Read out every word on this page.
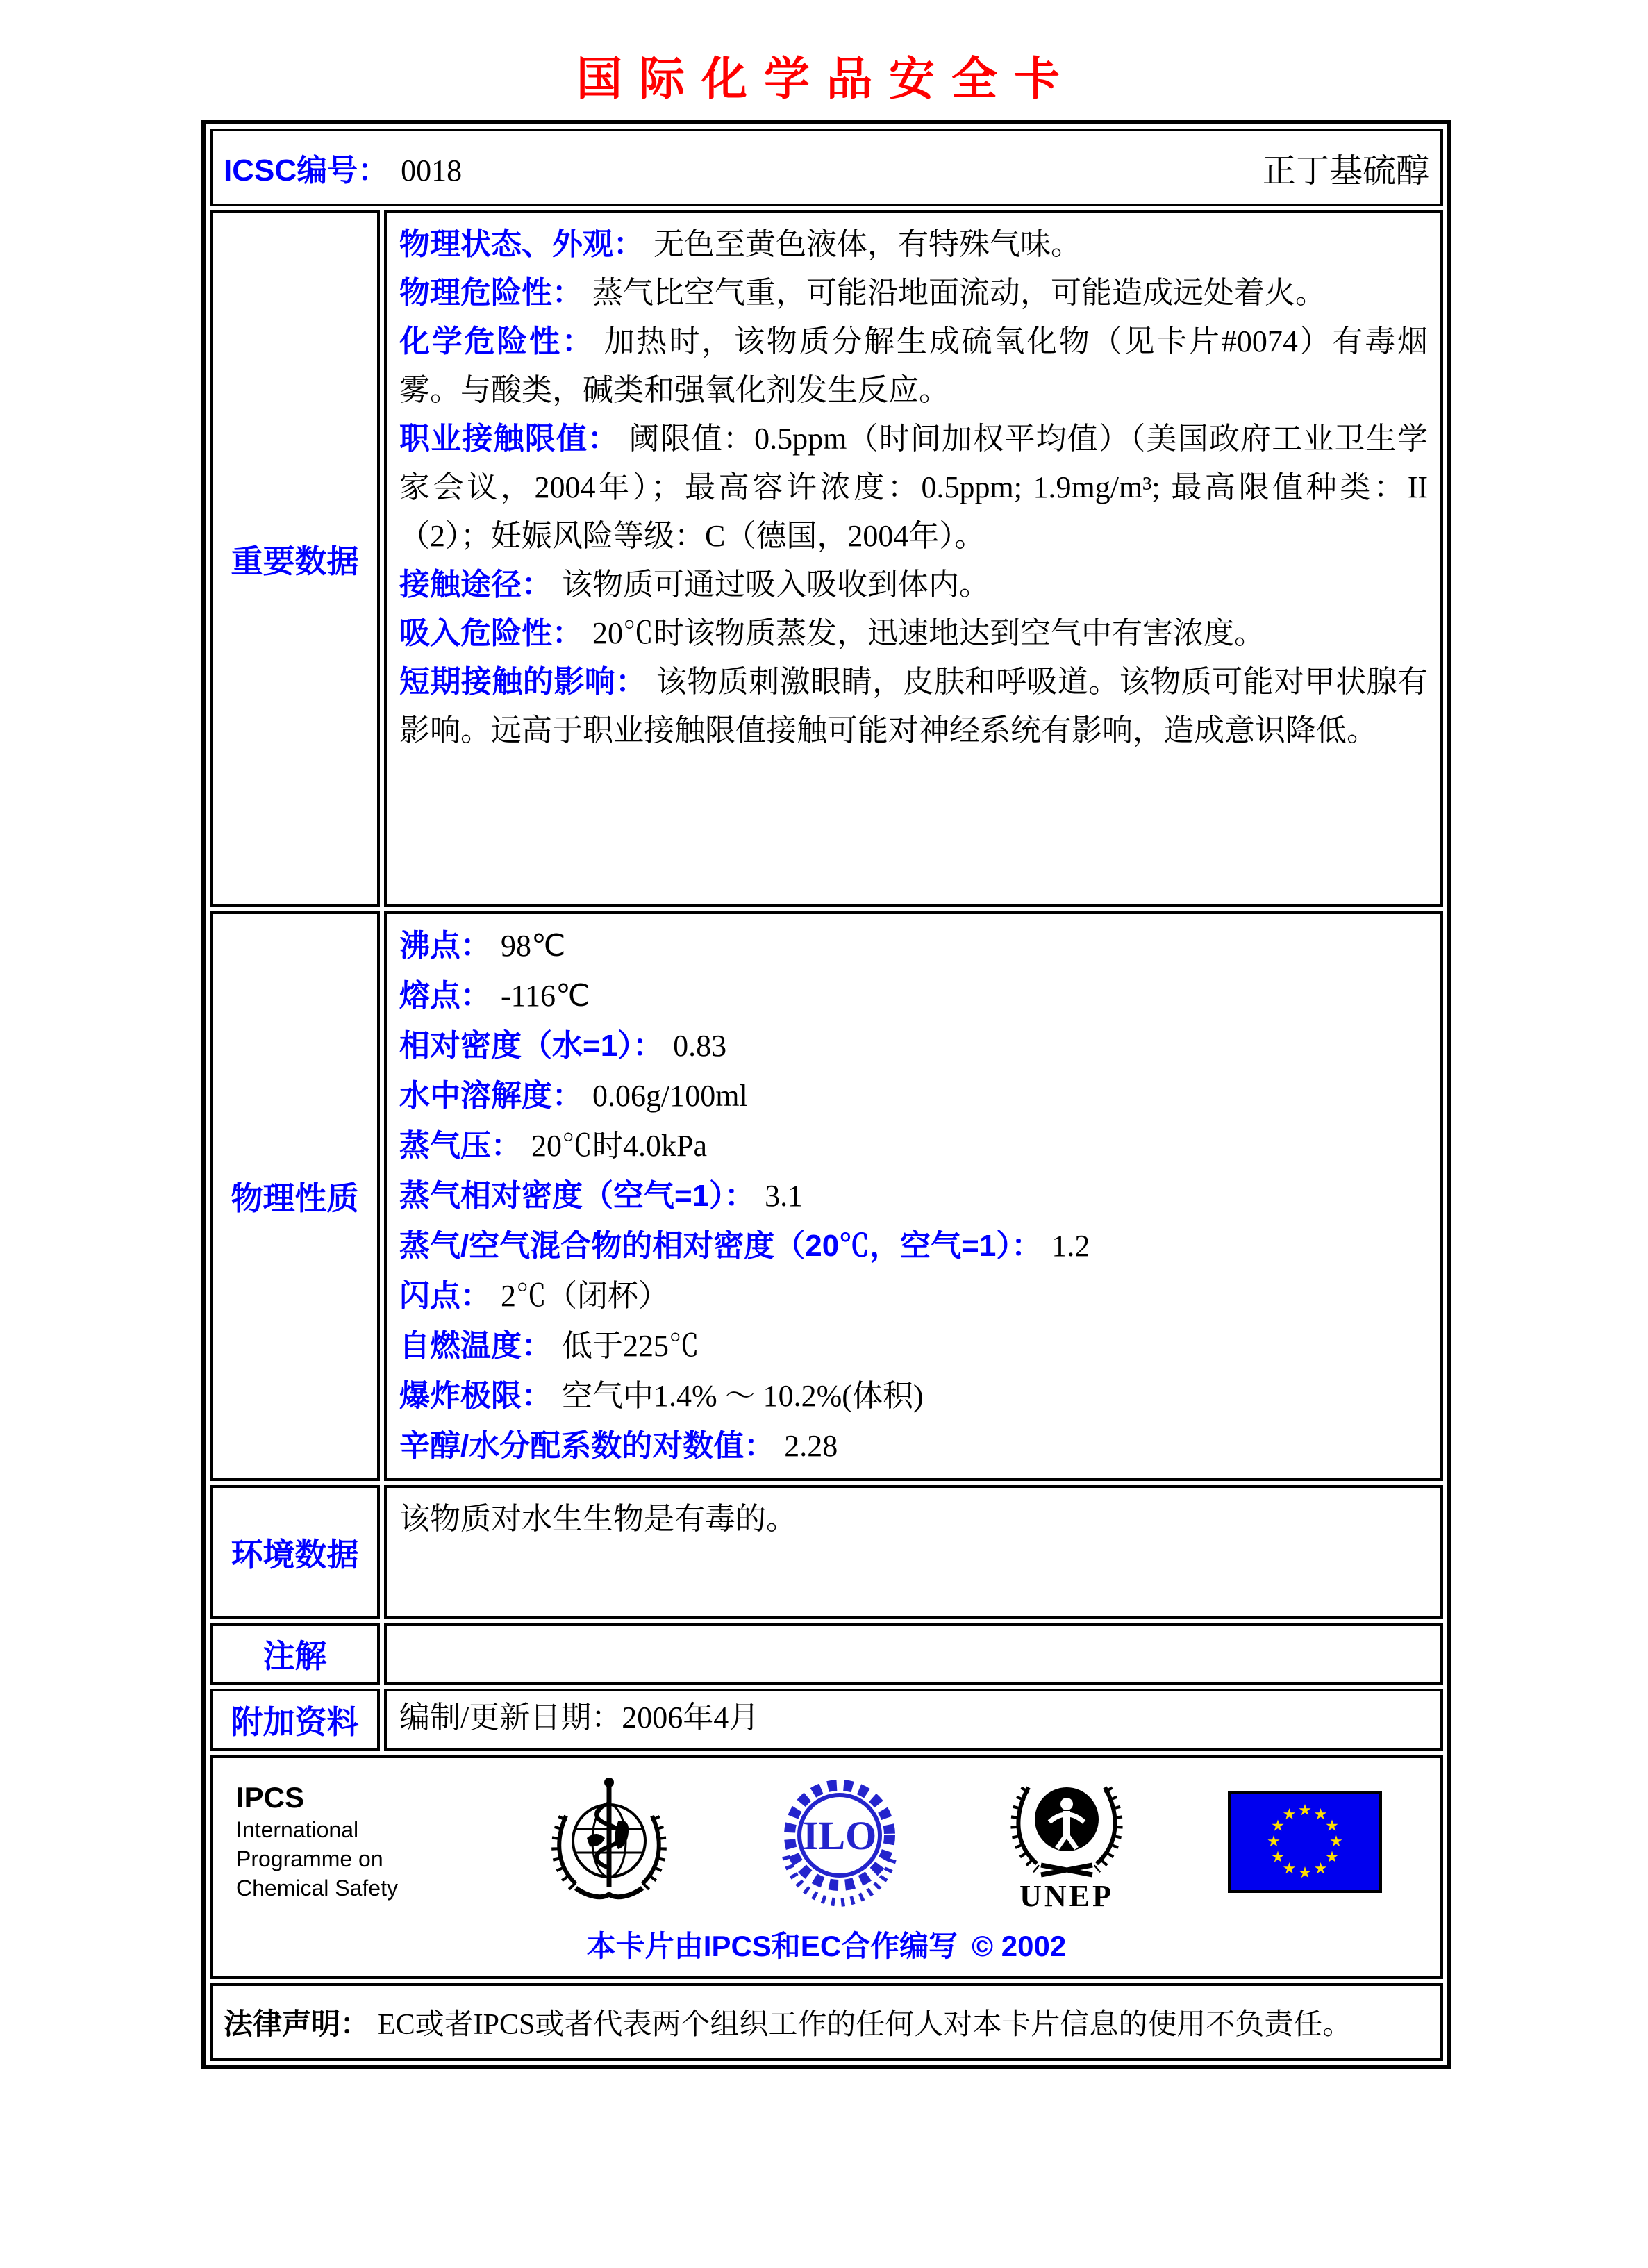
国际化学品安全卡
ICSC编号： 0018 正丁基硫醇	

重要数据	

物理状态、外观： 无色至黄色液体，有特殊气味。

物理危险性： 蒸气比空气重，可能沿地面流动，可能造成远处着火。

化学危险性： 加热时，该物质分解生成硫氧化物（见卡片#0074）有毒烟雾。与酸类，碱类和强氧化剂发生反应。

职业接触限值： 阈限值：0.5ppm（时间加权平均值）（美国政府工业卫生学家会议，2004年）；最高容许浓度：0.5ppm; 1.9mg/m³; 最高限值种类：II（2）；妊娠风险等级：C（德国，2004年）。

接触途径： 该物质可通过吸入吸收到体内。

吸入危险性： 20℃时该物质蒸发，迅速地达到空气中有害浓度。

短期接触的影响： 该物质刺激眼睛，皮肤和呼吸道。该物质可能对甲状腺有影响。远高于职业接触限值接触可能对神经系统有影响，造成意识降低。

物理性质	

沸点： 98℃

熔点： -116℃

相对密度（水=1）： 0.83

水中溶解度： 0.06g/100ml

蒸气压： 20℃时4.0kPa

蒸气相对密度（空气=1）： 3.1

蒸气/空气混合物的相对密度（20℃，空气=1）： 1.2

闪点： 2℃（闭杯）

自燃温度： 低于225℃

爆炸极限： 空气中1.4% ～ 10.2%(体积)

辛醇/水分配系数的对数值： 2.28

环境数据	该物质对水生生物是有毒的。

注解	
附加资料	编制/更新日期：2006年4月

IPCS
International
Programme on
Chemical Safety
ILO
UNEP
本卡片由IPCS和EC合作编写 © 2002

法律声明： EC或者IPCS或者代表两个组织工作的任何人对本卡片信息的使用不负责任。	
